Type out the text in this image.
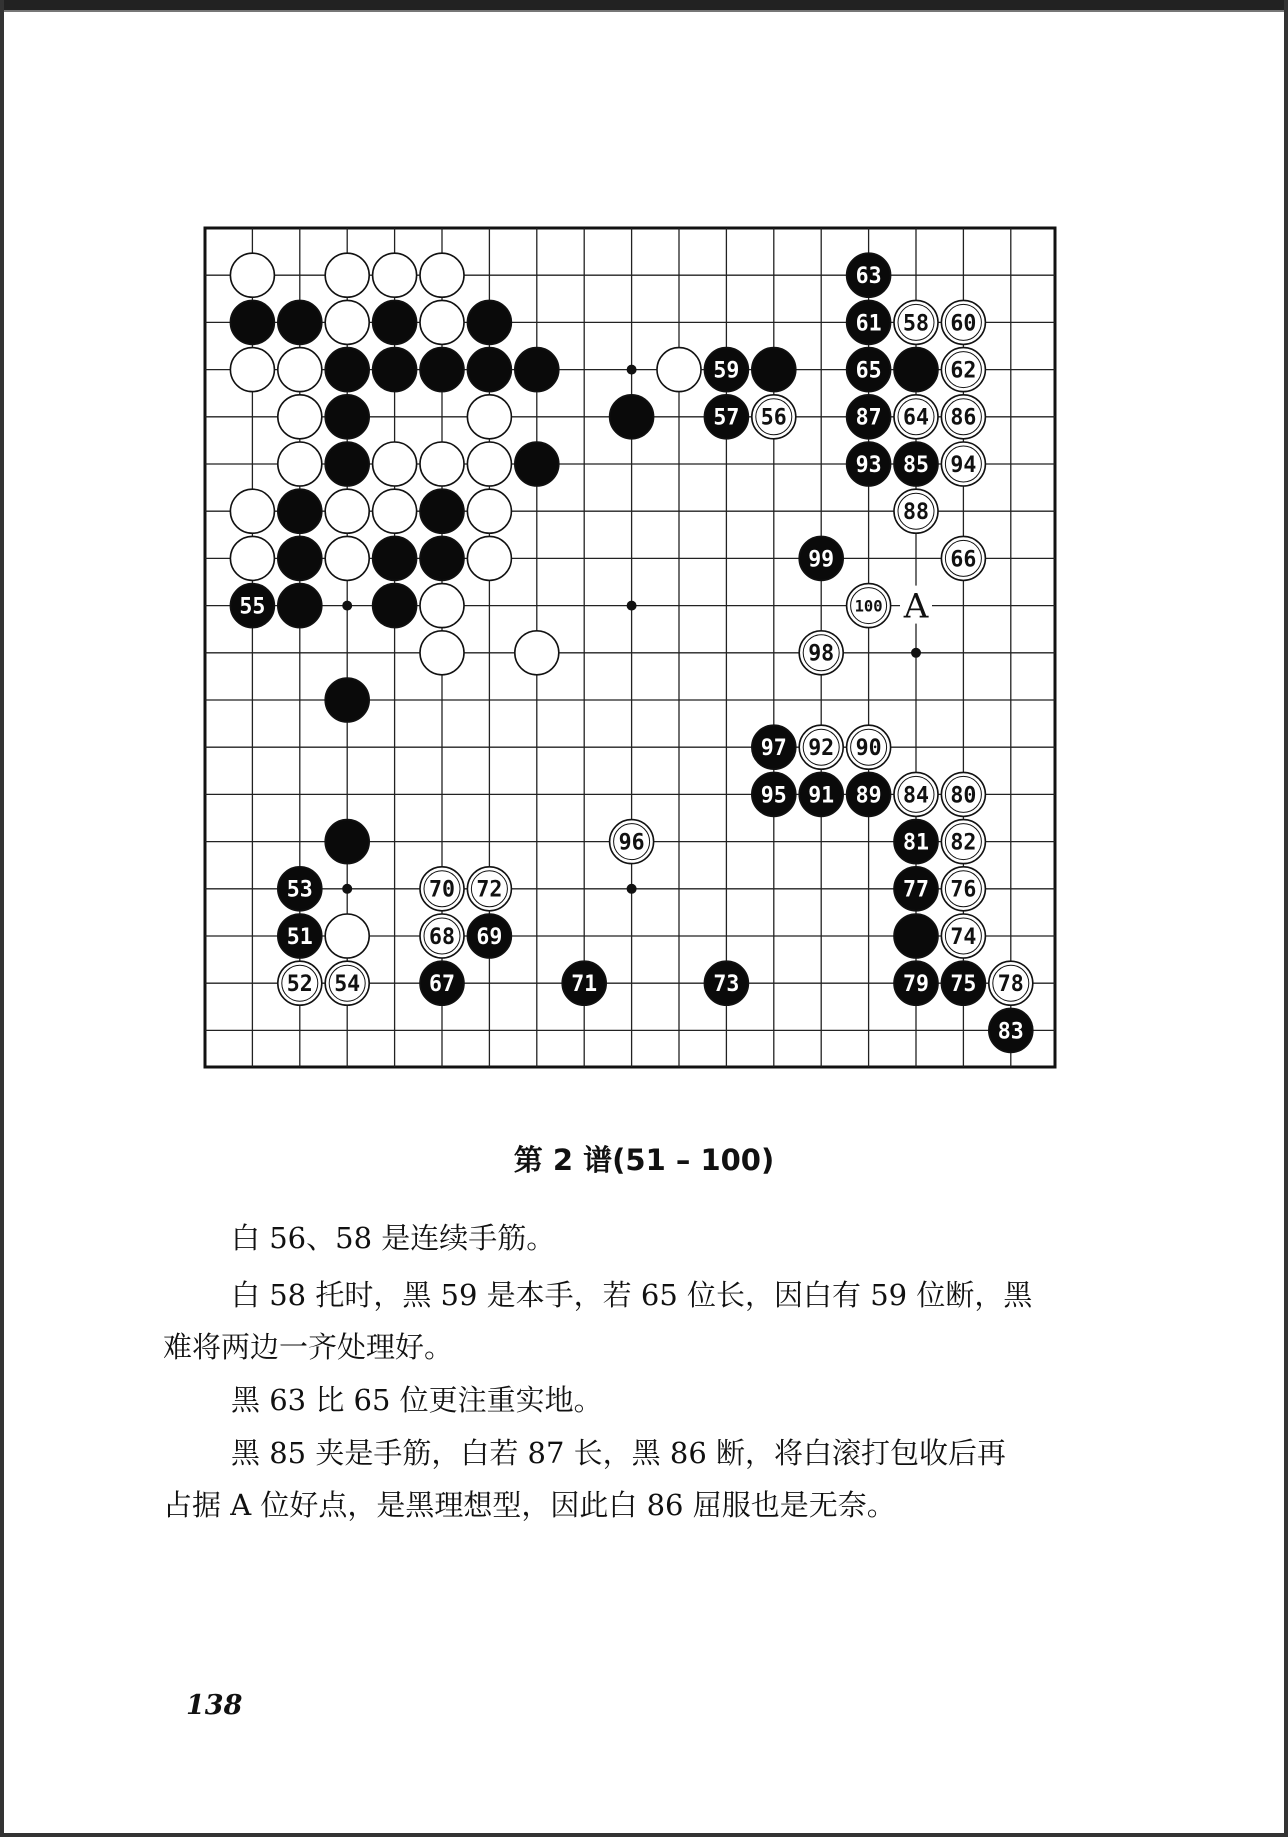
51
52
53
54
55
56
57
58
59
60
61
62
63
64
65
66
67
68 69
70
71
72
73
74
75
76
77
78
79
80
81 82
83
84
85
86
87
88
89
90
91
92
93	94
95
96
97
98
99
100 A
第 2 谱(51 – 100)
白 56、58 是连续手筋。
白 58 托时，黑 59 是本手，若 65 位长，因白有 59 位断，黑
难将两边一齐处理好。
黑 63 比 65 位更注重实地。
黑 85 夹是手筋，白若 87 长，黑 86 断，将白滚打包收后再
占据 A 位好点，是黑理想型，因此白 86 屈服也是无奈。
138
